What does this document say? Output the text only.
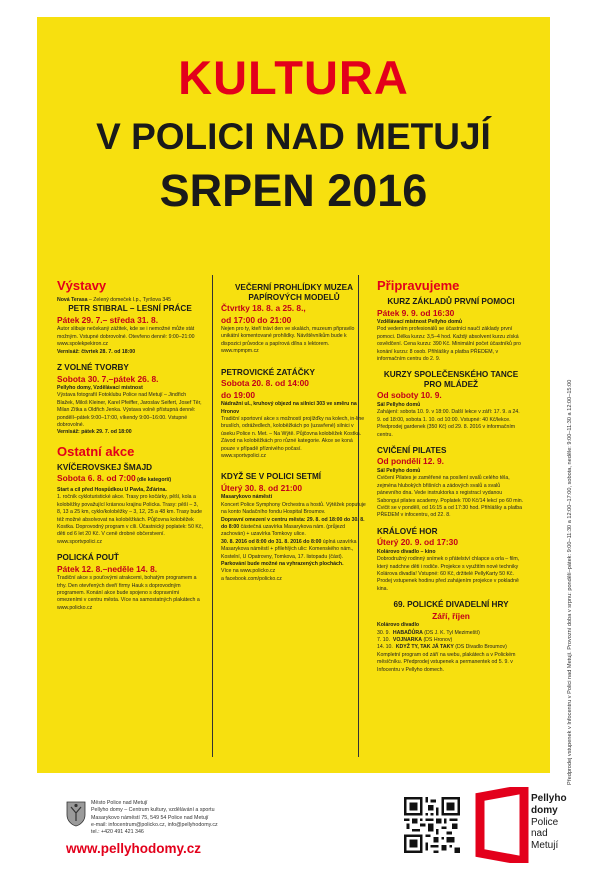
KULTURA
V POLICI NAD METUJÍ
SRPEN 2016
Výstavy
Nová Terasa – Zelený domeček I.p., Tyršova 345
PETR STIBRAL – LESNÍ PRÁCE
Pátek 29. 7.– středa 31. 8.
Autor slibuje nečekaný zážitek, kde se i nemožné může stát možným. Vstupné dobrovolné. Otevřeno denně: 9:00–21:00
www.spolekpekiron.cz
Vernisáž: čtvrtek 28. 7. od 18:00
Z VOLNÉ TVORBY
Sobota 30. 7.–pátek 26. 8.
Pellyho domy, Vzdělávací místnost
Výstava fotografií Fotoklubu Police nad Metují – Jindřich Blažek, Miloš Kleiner, Karel Pfeiffer, Jaroslav Seifert, Josef Těr, Milan Zítka a Oldřich Jenka. Výstava volně přístupná denně: pondělí–pátek 9:00–17:00, víkendy 9:00–16:00. Vstupné dobrovolné.
Vernisáž: pátek 29. 7. od 18:00
Ostatní akce
KVÍČEROVSKEJ ŠMAJD
Sobota 6. 8. od 7:00 (dle kategorií)
Start a cíl před Hospůdkou U Pavla, Žďárina.
1. ročník cykloturistické akce. Trasy pro kočárky, pěší, kola a koloběžky považující krásnou krajinu Policka. Trasy: pěší – 3, 8, 13 a 25 km, cyklo/koloběžky – 3, 12, 25 a 48 km. Trasy bude též možné absolvovat na koloběžkách. Půjčovna koloběžek Kostka. Doprovodný program v cíli. Účastnický poplatek: 50 Kč, děti od 6 let 20 Kč. V ceně drobné občerstvení. www.sportvpolici.cz
POLICKÁ POUŤ
Pátek 12. 8.–neděle 14. 8.
Tradiční akce s pouťovými atrakcemi, bohatým programem a trhy. Den otevřených dveří firmy Hauk s doprovodným programem. Konání akce bude spojeno s dopravními omezeními v centru města. Více na samostatných plakátech a www.policko.cz
VEČERNÍ PROHLÍDKY MUZEA PAPÍROVÝCH MODELŮ
Čtvrtky 18. 8. a 25. 8.,
od 17:00 do 21:00
Nejen pro ty, kteří tráví den ve skalách, muzeum připravilo unikátní komentované prohlídky. Návštěvníkům bude k dispozici průvodce a papírová dílna s lektorem.
www.mpmpm.cz
PETROVICKÉ ZATÁČKY
Sobota 20. 8. od 14:00
do 19:00
Nádražní ul., kruhový objezd na silnici 303 ve směru na Hronov
Tradiční sportovní akce s možností projížďky na kolech, in-line bruslích, odrážedlech, koloběžkách po (uzavřené) silnici v úseku Police n. Met. – Na Wýtě. Půjčovna koloběžek Kostka. Závod na koloběžkách pro různé kategorie. Akce se koná pouze v případě příznivého počasí.
www.sportvpolici.cz
KDYŽ SE V POLICI SETMÍ
Úterý 30. 8. od 21:00
Masarykovo náměstí
Koncert Police Symphony Orchestra a hostů. Výtěžek poputuje na konto Nadačního fondu Hospital Broumov.
Dopravní omezení v centru města: 29. 8. od 18:00 do 30. 8. do 8:00 částečná uzavírka Masarykova nám. (průjezd zachován) + uzavírka Tomkovy ulice.
30. 8. 2016 od 8:00 do 31. 8. 2016 do 8:00 úplná uzavírka Masarykova náměstí + přilehlých ulic: Komenského nám., Kostelní, U Opatrovny, Tomkova, 17. listopadu (část).
Parkování bude možné na vyhrazených plochách.
Více na www.policko.cz
a facebook.com/policko.cz
Připravujeme
KURZ ZÁKLADŮ PRVNÍ POMOCI
Pátek 9. 9. od 16:30
Vzdělávací místnost Pellyho domů
Pod vedením profesionálů se účastníci naučí základy první pomoci. Délka kurzu: 3,5–4 hod. Každý absolvent kurzu získá osvědčení. Cena kurzu: 390 Kč. Minimální počet účastníků pro konání kurzu: 8 osob. Přihlášky a platba PŘEDEM, v informačním centru do 2. 9.
KURZY SPOLEČENSKÉHO TANCE PRO MLÁDEŽ
Od soboty 10. 9.
Sál Pellyho domů
Zahájení: sobota 10. 9. v 18:00. Další lekce v září: 17. 9. a 24. 9. od 18:00, sobota 1. 10. od 10:00. Vstupné: 40 Kč/lekce. Předprodej gardenek (350 Kč) od 29. 8. 2016 v informačním centru.
CVIČENÍ PILATES
Od pondělí 12. 9.
Sál Pellyho domů
Cvičení Pilates je zaměřené na posílení svalů celého těla, zejména hlubokých břišních a zádových svalů a svalů pánevního dna. Vede instruktorka s registrací vydanou Sabongui pilates academy. Poplatek 700 Kč/14 lekcí po 60 min. Cvičit se v pondělí, od 16:15 a od 17:30 hod. Přihlášky a platba PŘEDEM v infocentru, od 22. 8.
KRÁLOVÉ HOR
Úterý 20. 9. od 17:30
Kolárovo divadlo – kino
Dobrodružný rodinný snímek o přátelství chlapce a orla – film, který nadchne děti i rodiče. Projekce s využitím nové techniky Kolárova divadla! Vstupné: 60 Kč, držitelé PellyKarty 50 Kč. Prodej vstupenek hodinu před zahájením projekce v pokladně kina.
69. POLICKÉ DIVADELNÍ HRY
Září, říjen
Kolárovo divadlo
30. 9. HABAĎŮRA (DS J. K. Tyl Mezimeští)
7. 10. VOJNARKA (DS Hronov)
14. 10. KDYŽ TY, TAK JÁ TAKY (DS Divadlo Broumov)
Kompletní program od září na webu, plakátech a v Polickém měsíčníku. Předprodej vstupenek a permanentek od 5. 9. v Infocentru v Pellyho domech.	Předprodej vstupenek v Infocentru v Polici nad Metují. Provozní doba v srpnu: pondělí–pátek: 9:00–11:30 a 12:00–17:00, sobota, neděle: 9:00–11:30 a 12:00–15:00
Město Police nad Metují
Pellyho domy – Centrum kultury, vzdělávání a sportu
Masarykovo náměstí 75, 549 54 Police nad Metují
e-mail: infocentrum@policko.cz, info@pellyhodomy.cz
tel.: +420 491 421 346
www.pellyhodomy.cz
Pellyho
domy
Police
nad
Metují
